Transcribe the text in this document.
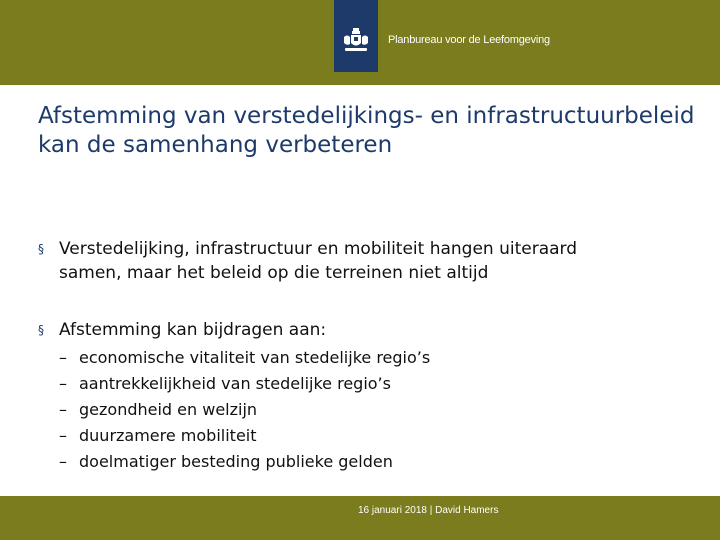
Planbureau voor de Leefomgeving
Afstemming van verstedelijkings- en infrastructuurbeleid kan de samenhang verbeteren
§ Verstedelijking, infrastructuur en mobiliteit hangen uiteraard
samen, maar het beleid op die terreinen niet altijd
§ Afstemming kan bijdragen aan:
– economische vitaliteit van stedelijke regio’s
– aantrekkelijkheid van stedelijke regio’s
– gezondheid en welzijn
– duurzamere mobiliteit
– doelmatiger besteding publieke gelden
16 januari 2018 | David Hamers
